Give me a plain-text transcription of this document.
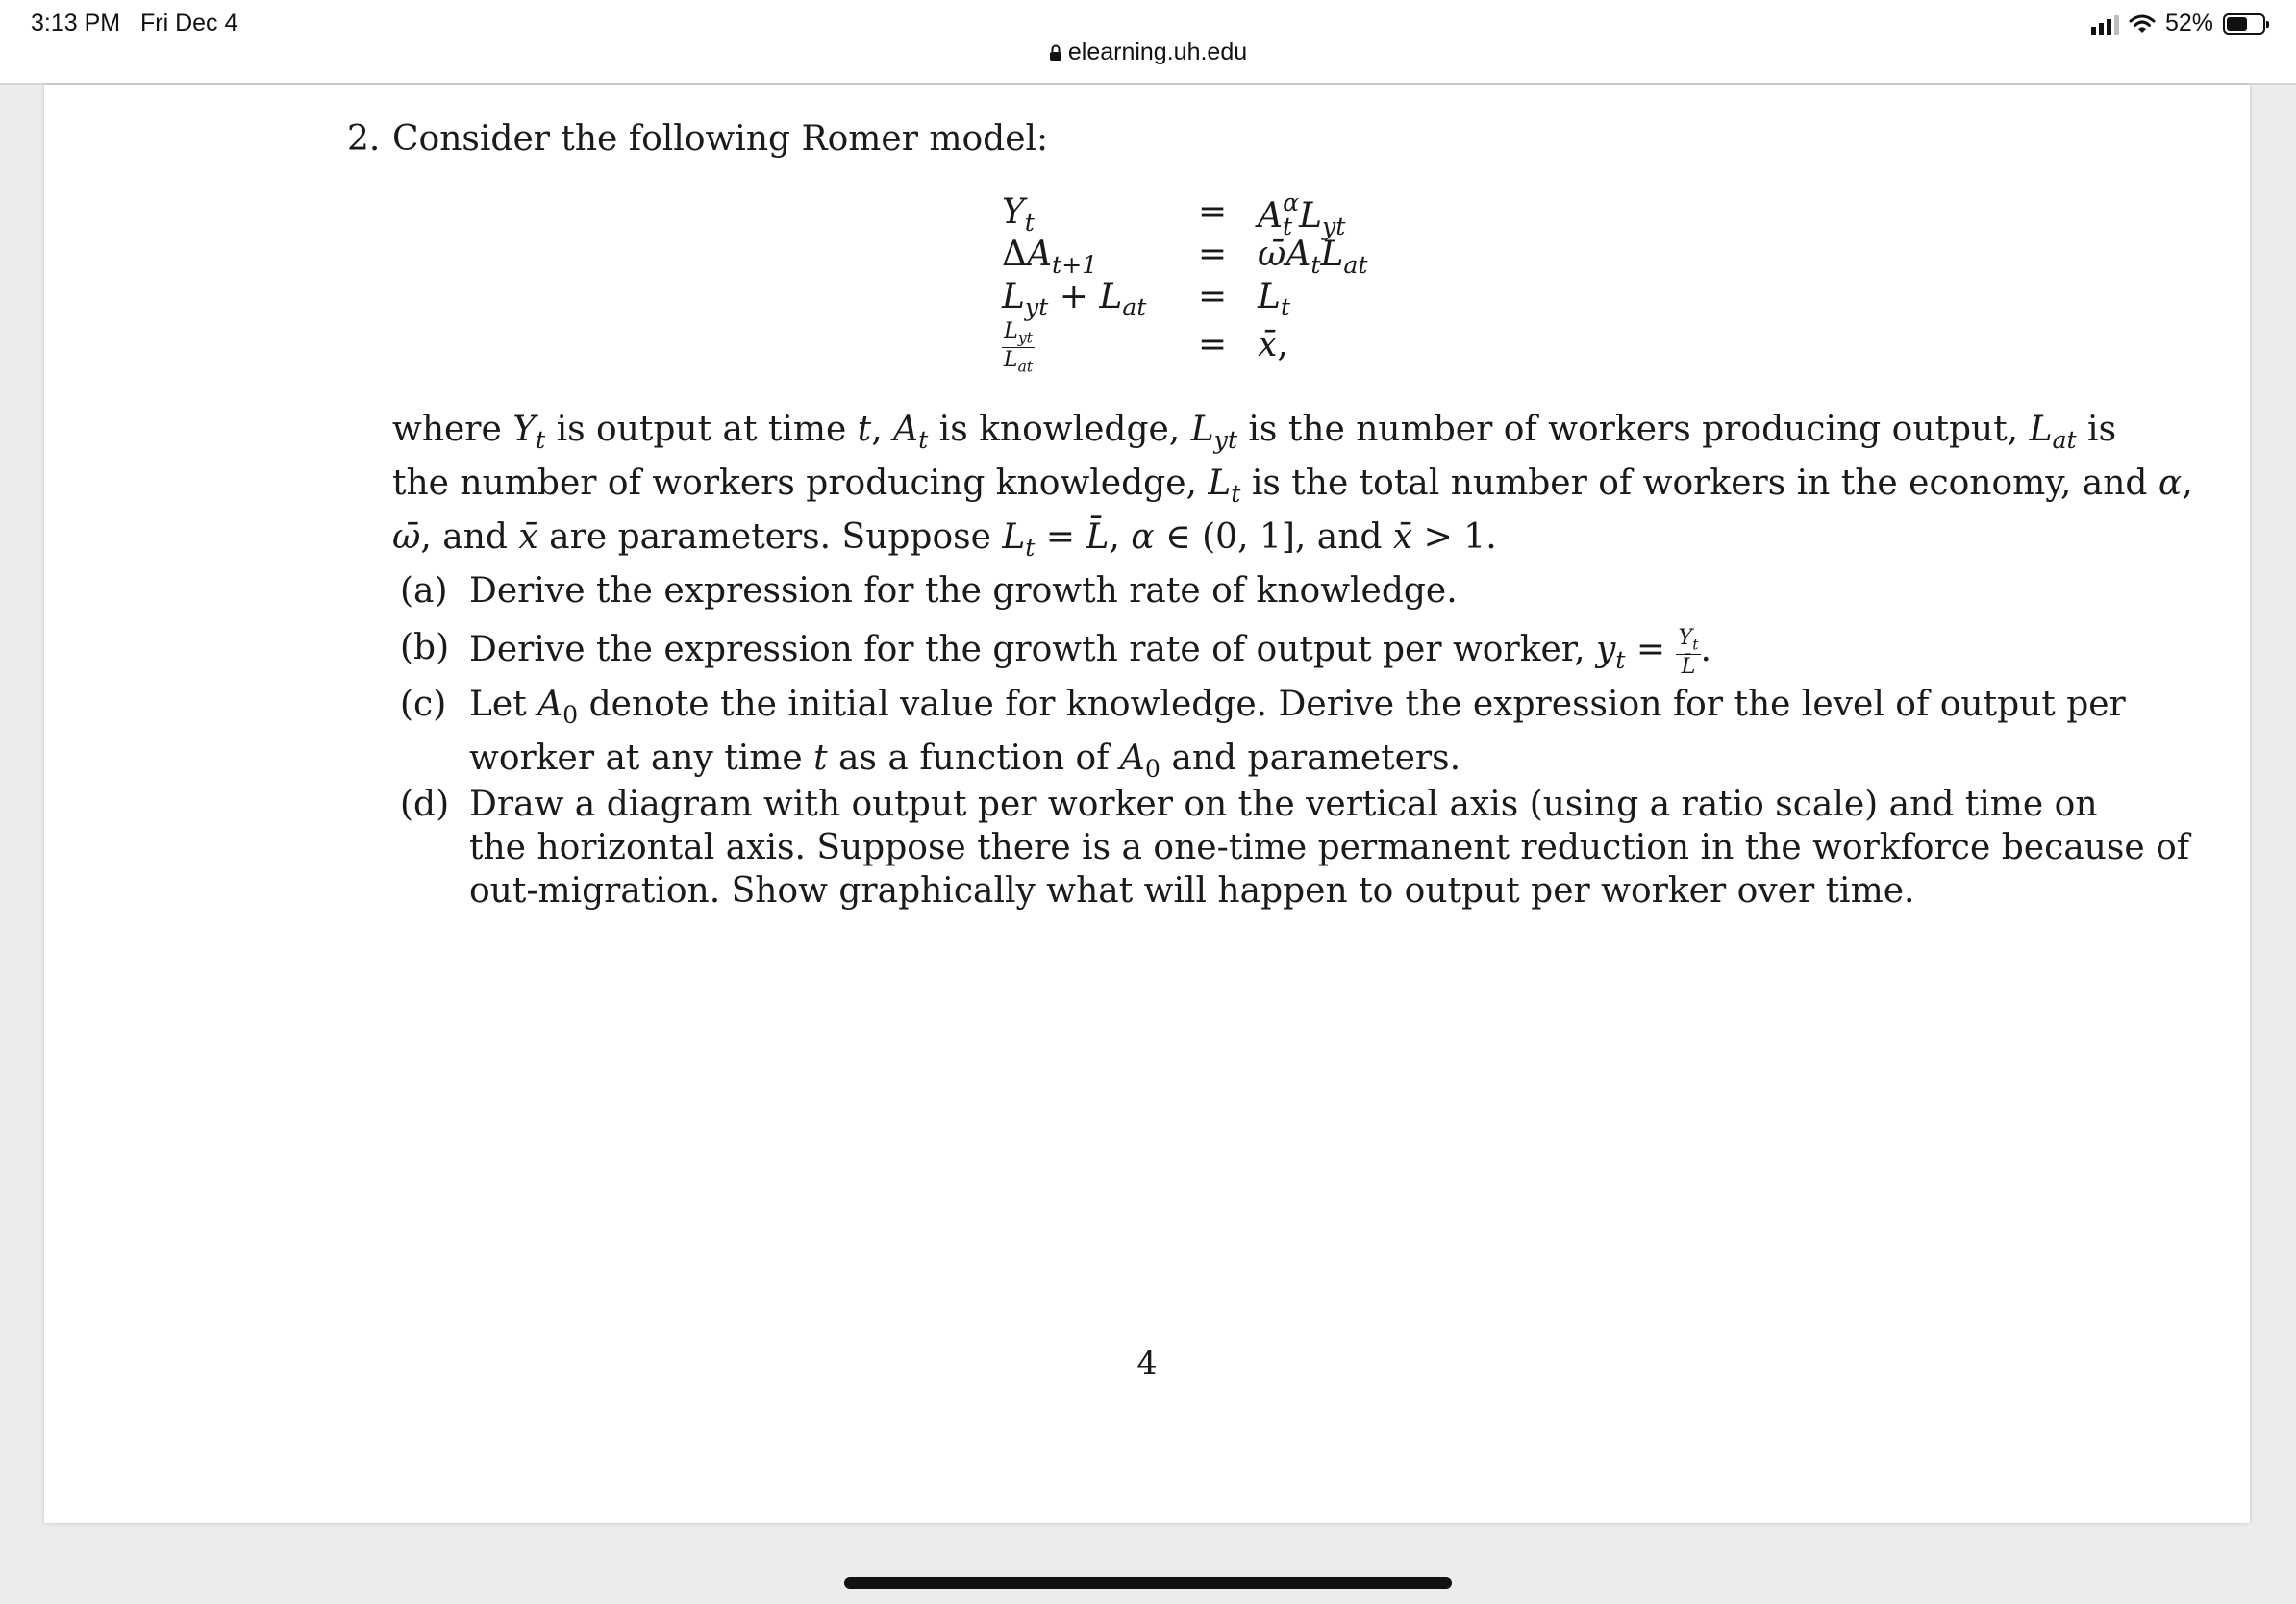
3:13 PM Fri Dec 4	52%
elearning.uh.edu
2. Consider the following Romer model:
$Y_t$	= $A_t^\alpha L_{yt}$
$\Delta A_{t+1}$	= $\omegāA_tL_{at}$
$L_{yt} + L_{at} = L_t$
$\frac{L_{yt}}{L_{at}}$	= x̄,
where $Y_t$ is output at time t, $A_t$ is knowledge, $L_{yt}$ is the number of workers producing output, $L_{at}$ is
the number of workers producing knowledge, $L_t$ is the total number of workers in the economy, and α,
ω̄, and x̄ are parameters. Suppose $L_t$ = L̄, α ∈ (0, 1], and x̄ > 1.
(a) Derive the expression for the growth rate of knowledge.
(b) Derive the expression for the growth rate of output per worker, $y_t = \frac{Y_t}{L̄}$ .
(c) Let $A_0$ denote the initial value for knowledge. Derive the expression for the level of output per
worker at any time t as a function of $A_0$ and parameters.
(d) Draw a diagram with output per worker on the vertical axis (using a ratio scale) and time on
the horizontal axis. Suppose there is a one-time permanent reduction in the workforce because of
out-migration. Show graphically what will happen to output per worker over time.
4
